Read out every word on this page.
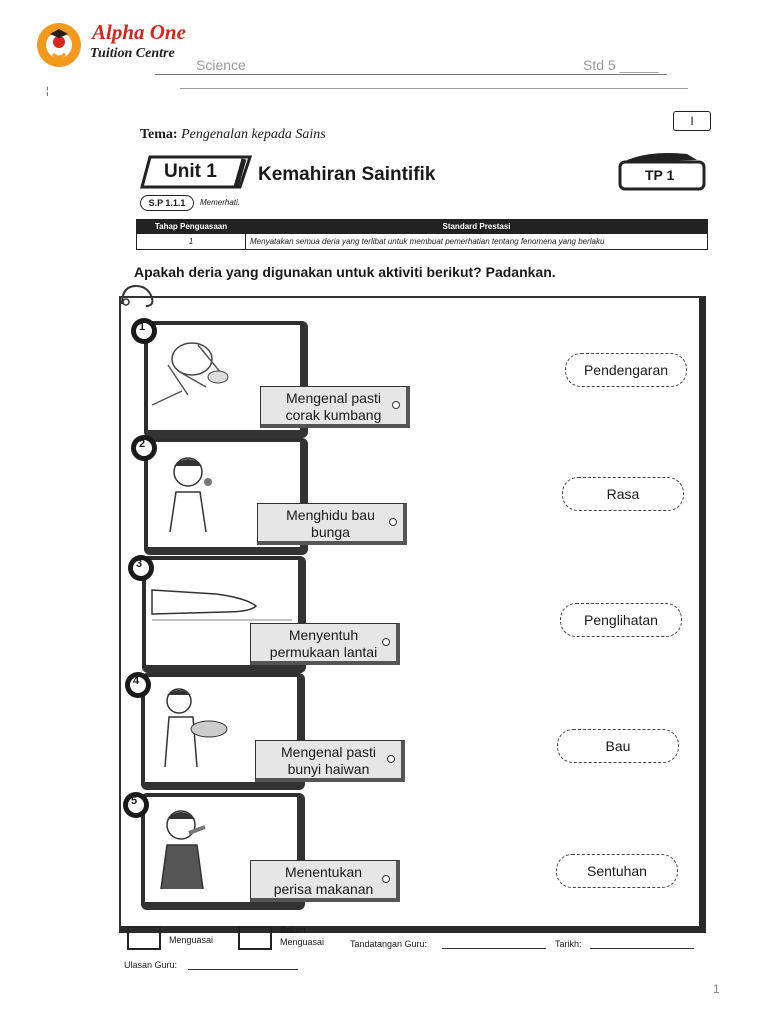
Alpha One
Tuition Centre
Science	Std 5 _____
¦
I
Tema: Pengenalan kepada Sains
Unit 1 Kemahiran Saintifik	TP 1
S.P 1.1.1	Memerhati.
Tahap Penguasaan	Standard Prestasi
1	Menyatakan semua deria yang terlibat untuk membuat pemerhatian tentang fenomena yang berlaku
Apakah deria yang digunakan untuk aktiviti berikut? Padankan.
1
Mengenal pasti
corak kumbang
2
Menghidu bau
bunga
3
Menyentuh
permukaan lantai
4
Mengenal pasti
bunyi haiwan
5
Menentukan
perisa makanan
Pendengaran
Rasa
Penglihatan
Bau
Sentuhan
Menguasai
Belum
Menguasai	Tandatangan Guru:	Tarikh:
Ulasan Guru:
1
